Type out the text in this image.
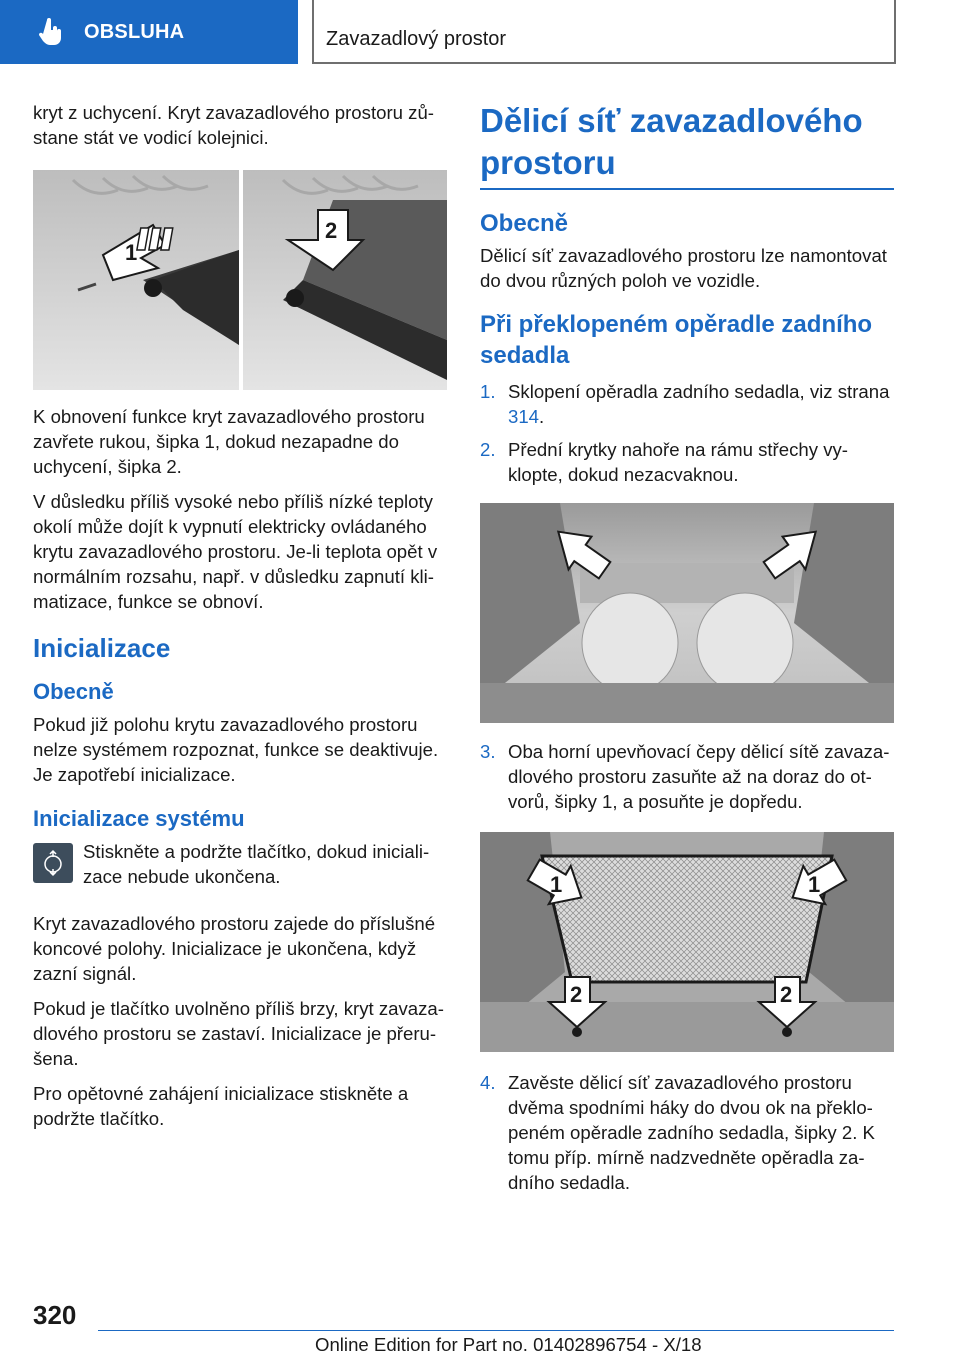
OBSLUHA	Zavazadlový prostor

kryt z uchycení. Kryt zavazadlového prostoru zů-stane stát ve vodicí kolejnici.

1
2

K obnovení funkce kryt zavazadlového prostoru zavřete rukou, šipka 1, dokud nezapadne do uchycení, šipka 2.

V důsledku příliš vysoké nebo příliš nízké teploty okolí může dojít k vypnutí elektricky ovládaného krytu zavazadlového prostoru. Je-li teplota opět v normálním rozsahu, např. v důsledku zapnutí kli-matizace, funkce se obnoví.

Inicializace
Obecně

Pokud již polohu krytu zavazadlového prostoru nelze systémem rozpoznat, funkce se deaktivuje. Je zapotřebí inicializace.

Inicializace systému
Stiskněte a podržte tlačítko, dokud iniciali-zace nebude ukončena.

Kryt zavazadlového prostoru zajede do příslušné koncové polohy. Inicializace je ukončena, když zazní signál.

Pokud je tlačítko uvolněno příliš brzy, kryt zavaza-dlového prostoru se zastaví. Inicializace je přeru-šena.

Pro opětovné zahájení inicializace stiskněte a podržte tlačítko.

Dělicí síť zavazadlového prostoru
Obecně

Dělicí síť zavazadlového prostoru lze namontovat do dvou různých poloh ve vozidle.

Při překlopeném opěradle zadního sedadla
1. Sklopení opěradla zadního sedadla, viz strana 314.
2. Přední krytky nahoře na rámu střechy vy-klopte, dokud nezacvaknou.
3. Oba horní upevňovací čepy dělicí sítě zavaza-dlového prostoru zasuňte až na doraz do ot-vorů, šipky 1, a posuňte je dopředu.
1	1
2	2
4. Zavěste dělicí síť zavazadlového prostoru dvěma spodními háky do dvou ok na překlo-peném opěradle zadního sedadla, šipky 2. K tomu příp. mírně nadzvedněte opěradla za-dního sedadla.
320
Online Edition for Part no. 01402896754 - X/18
